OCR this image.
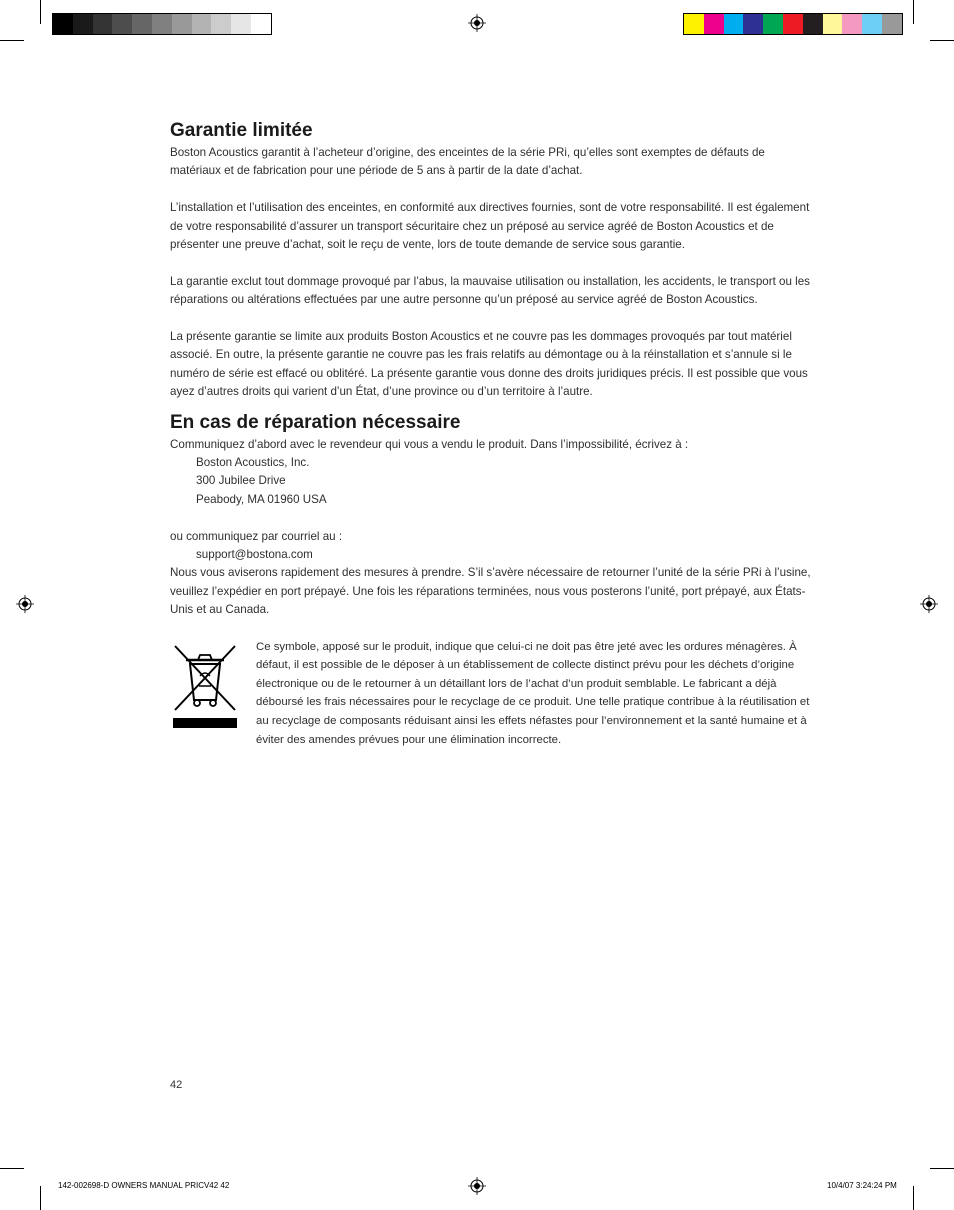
Garantie limitée

Boston Acoustics garantit à l’acheteur d’origine, des enceintes de la série PRi, qu’elles sont exemptes de défauts de matériaux et de fabrication pour une période de 5 ans à partir de la date d’achat.

L’installation et l’utilisation des enceintes, en conformité aux directives fournies, sont de votre responsabilité. Il est également de votre responsabilité d’assurer un transport sécuritaire chez un préposé au service agréé de Boston Acoustics et de présenter une preuve d’achat, soit le reçu de vente, lors de toute demande de service sous garantie.

La garantie exclut tout dommage provoqué par l’abus, la mauvaise utilisation ou installation, les accidents, le transport ou les réparations ou altérations effectuées par une autre personne qu’un préposé au service agréé de Boston Acoustics.

La présente garantie se limite aux produits Boston Acoustics et ne couvre pas les dommages provoqués par tout matériel associé. En outre, la présente garantie ne couvre pas les frais relatifs au démontage ou à la réinstallation et s’annule si le numéro de série est effacé ou oblitéré. La présente garantie vous donne des droits juridiques précis. Il est possible que vous ayez d’autres droits qui varient d’un État, d’une province ou d’un territoire à l’autre.

En cas de réparation nécessaire

Communiquez d’abord avec le revendeur qui vous a vendu le produit. Dans l’impossibilité, écrivez à :

Boston Acoustics, Inc.

300 Jubilee Drive

Peabody, MA 01960 USA

ou communiquez par courriel au :

support@bostona.com

Nous vous aviserons rapidement des mesures à prendre. S’il s’avère nécessaire de retourner l’unité de la série PRi à l’usine, veuillez l’expédier en port prépayé. Une fois les réparations terminées, nous vous posterons l’unité, port prépayé, aux États-Unis et au Canada.

Ce symbole, apposé sur le produit, indique que celui-ci ne doit pas être jeté avec les ordures ménagères. À défaut, il est possible de le déposer à un établissement de collecte distinct prévu pour les déchets d’origine électronique ou de le retourner à un détaillant lors de l’achat d’un produit semblable. Le fabricant a déjà déboursé les frais nécessaires pour le recyclage de ce produit. Une telle pratique contribue à la réutilisation et au recyclage de composants réduisant ainsi les effets néfastes pour l’environnement et la santé humaine et à éviter des amendes prévues pour une élimination incorrecte.

42
142-002698-D OWNERS MANUAL PRICV42 42	10/4/07 3:24:24 PM
